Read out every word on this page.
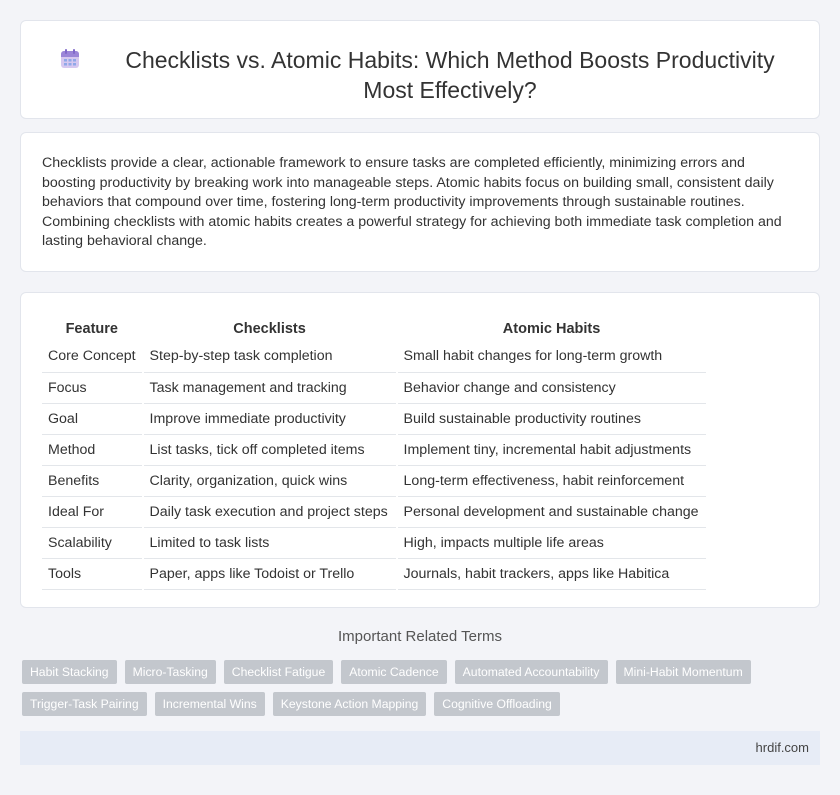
Checklists vs. Atomic Habits: Which Method Boosts Productivity Most Effectively?

Checklists provide a clear, actionable framework to ensure tasks are completed efficiently, minimizing errors and boosting productivity by breaking work into manageable steps. Atomic habits focus on building small, consistent daily behaviors that compound over time, fostering long-term productivity improvements through sustainable routines. Combining checklists with atomic habits creates a powerful strategy for achieving both immediate task completion and lasting behavioral change.

Feature	Checklists	Atomic Habits
Core Concept	Step-by-step task completion	Small habit changes for long-term growth
Focus	Task management and tracking	Behavior change and consistency
Goal	Improve immediate productivity	Build sustainable productivity routines
Method	List tasks, tick off completed items	Implement tiny, incremental habit adjustments
Benefits	Clarity, organization, quick wins	Long-term effectiveness, habit reinforcement
Ideal For	Daily task execution and project steps	Personal development and sustainable change
Scalability	Limited to task lists	High, impacts multiple life areas
Tools	Paper, apps like Todoist or Trello	Journals, habit trackers, apps like Habitica
Important Related Terms
Habit Stacking	Micro-Tasking	Checklist Fatigue	Atomic Cadence	Automated Accountability	Mini-Habit Momentum
Trigger-Task Pairing	Incremental Wins	Keystone Action Mapping	Cognitive Offloading
hrdif.com
